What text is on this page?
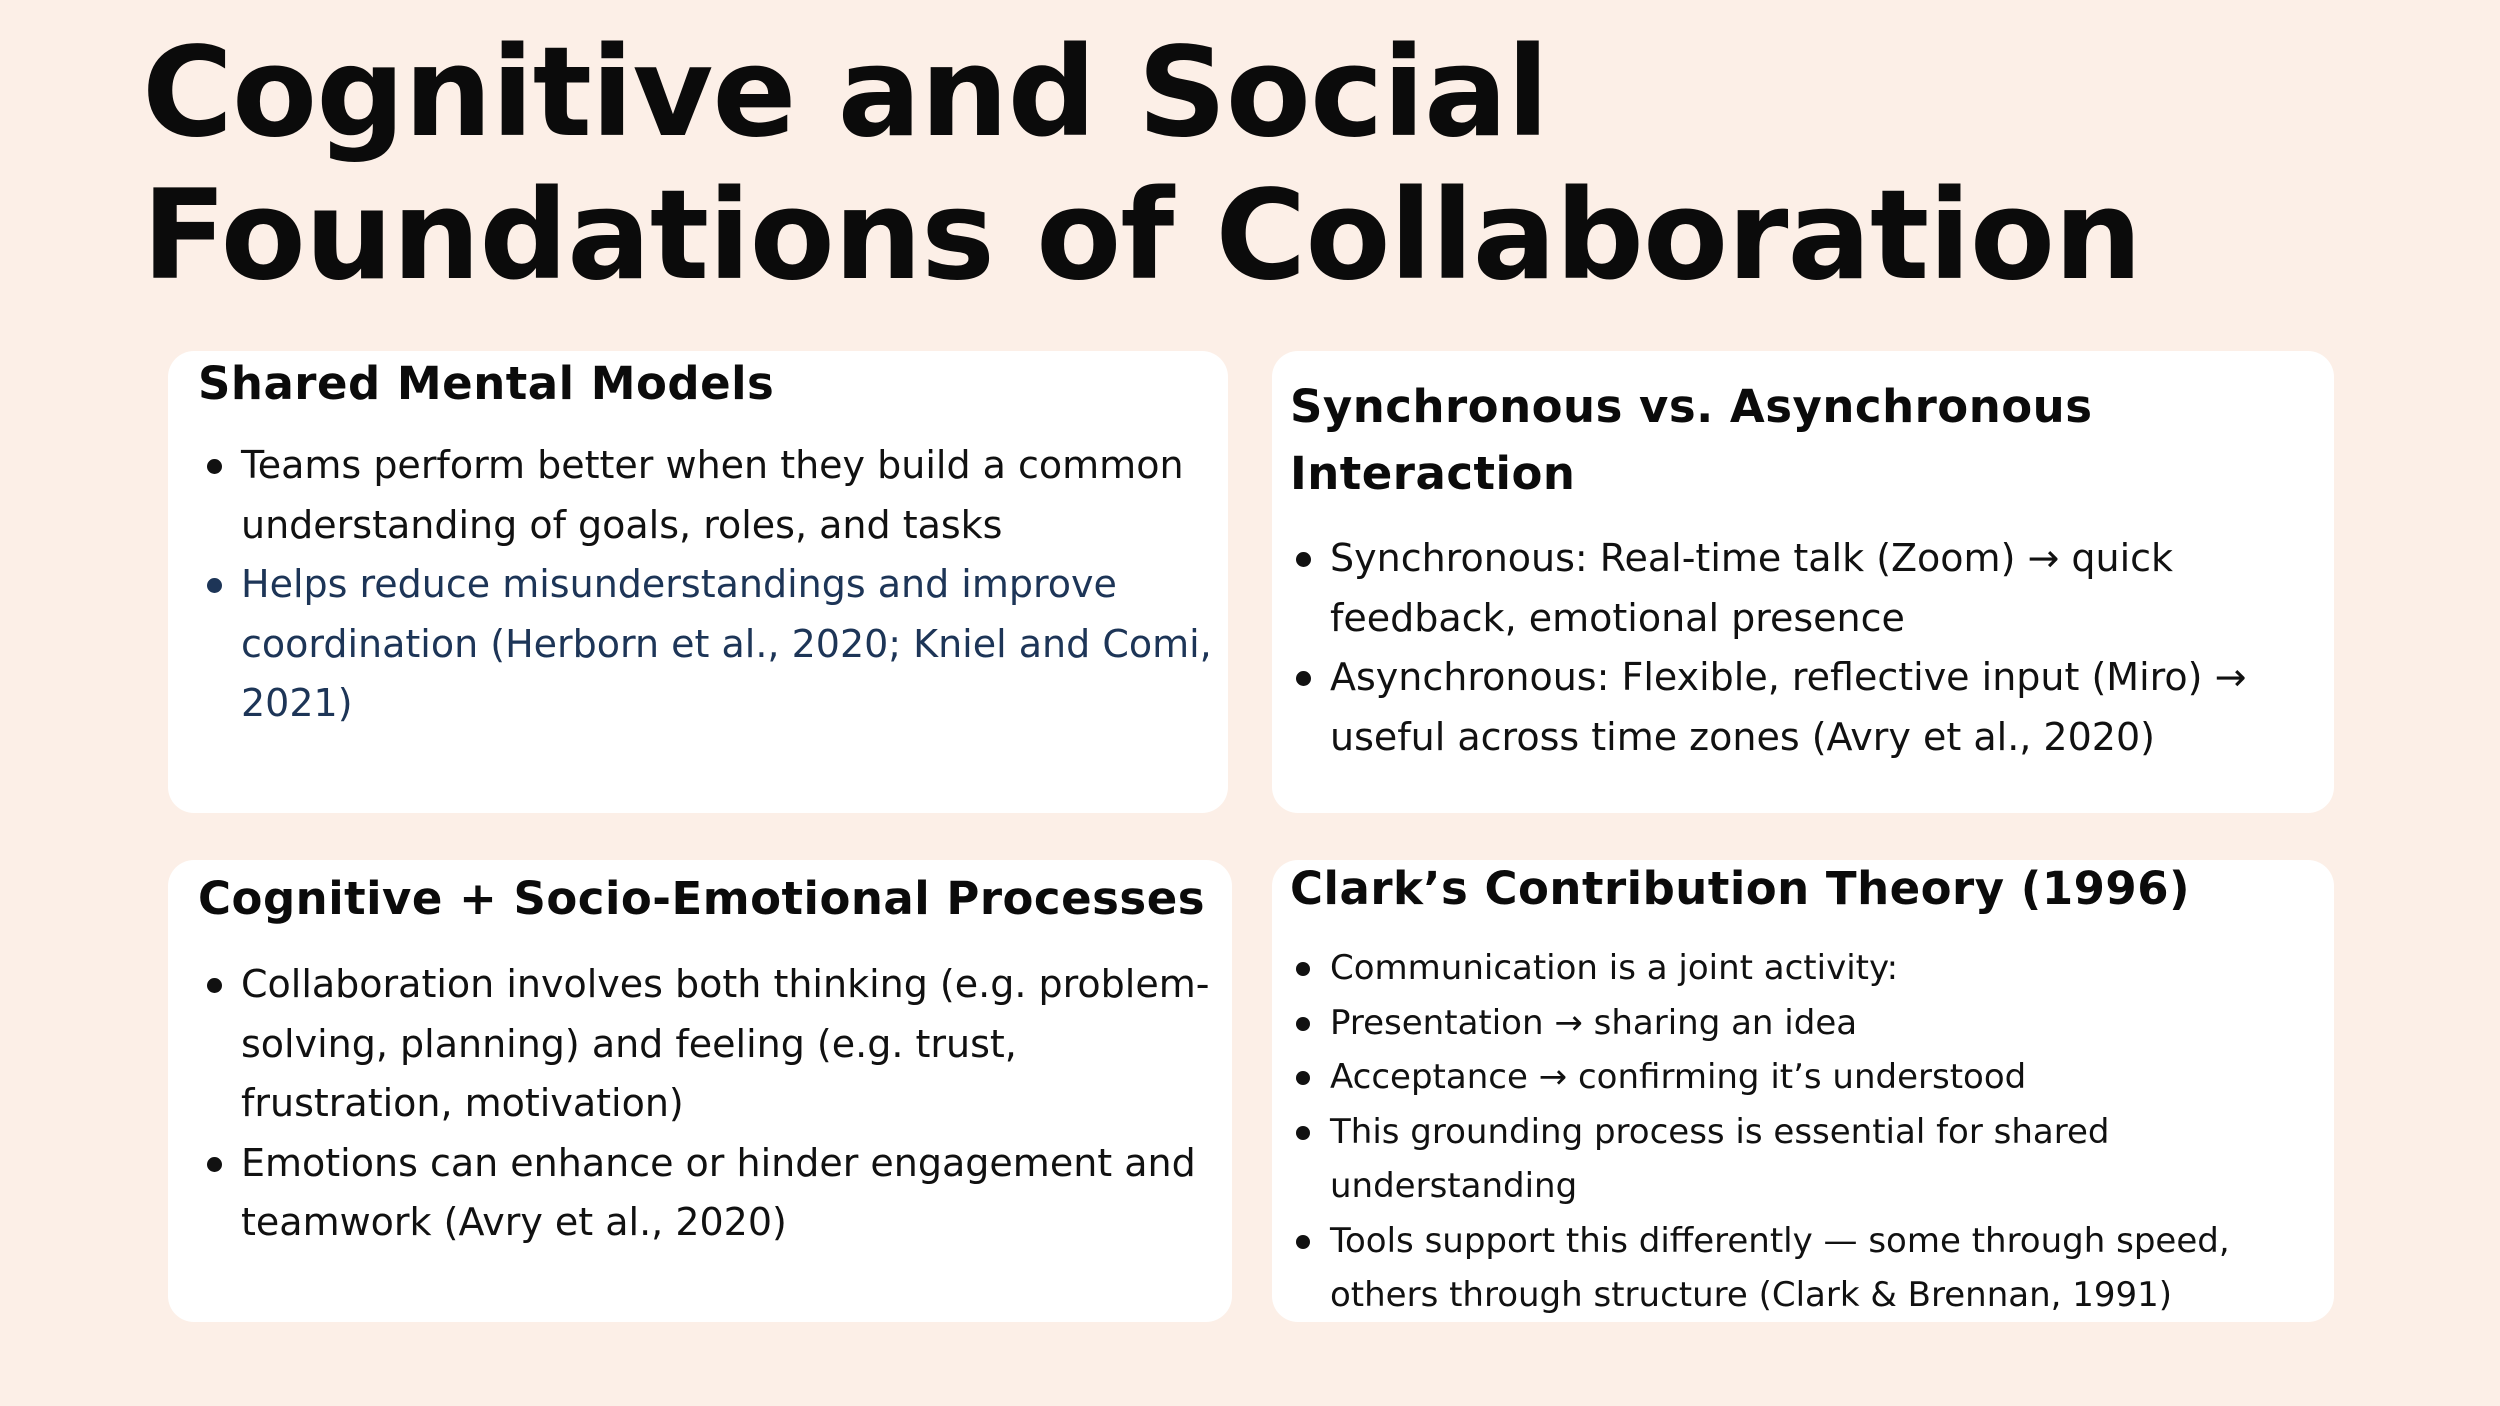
Cognitive and Social
Foundations of Collaboration
Shared Mental Models
Teams perform better when they build a common understanding of goals, roles, and tasks
Helps reduce misunderstandings and improve coordination (Herborn et al., 2020; Kniel and Comi, 2021)
Synchronous vs. Asynchronous Interaction
Synchronous: Real-time talk (Zoom) → quick feedback, emotional presence
Asynchronous: Flexible, reflective input (Miro) → useful across time zones (Avry et al., 2020)
Cognitive + Socio-Emotional Processes
Collaboration involves both thinking (e.g. problem-solving, planning) and feeling (e.g. trust, frustration, motivation)
Emotions can enhance or hinder engagement and teamwork (Avry et al., 2020)
Clark’s Contribution Theory (1996)
Communication is a joint activity:
Presentation → sharing an idea
Acceptance → confirming it’s understood
This grounding process is essential for shared understanding
Tools support this differently — some through speed, others through structure (Clark & Brennan, 1991)
